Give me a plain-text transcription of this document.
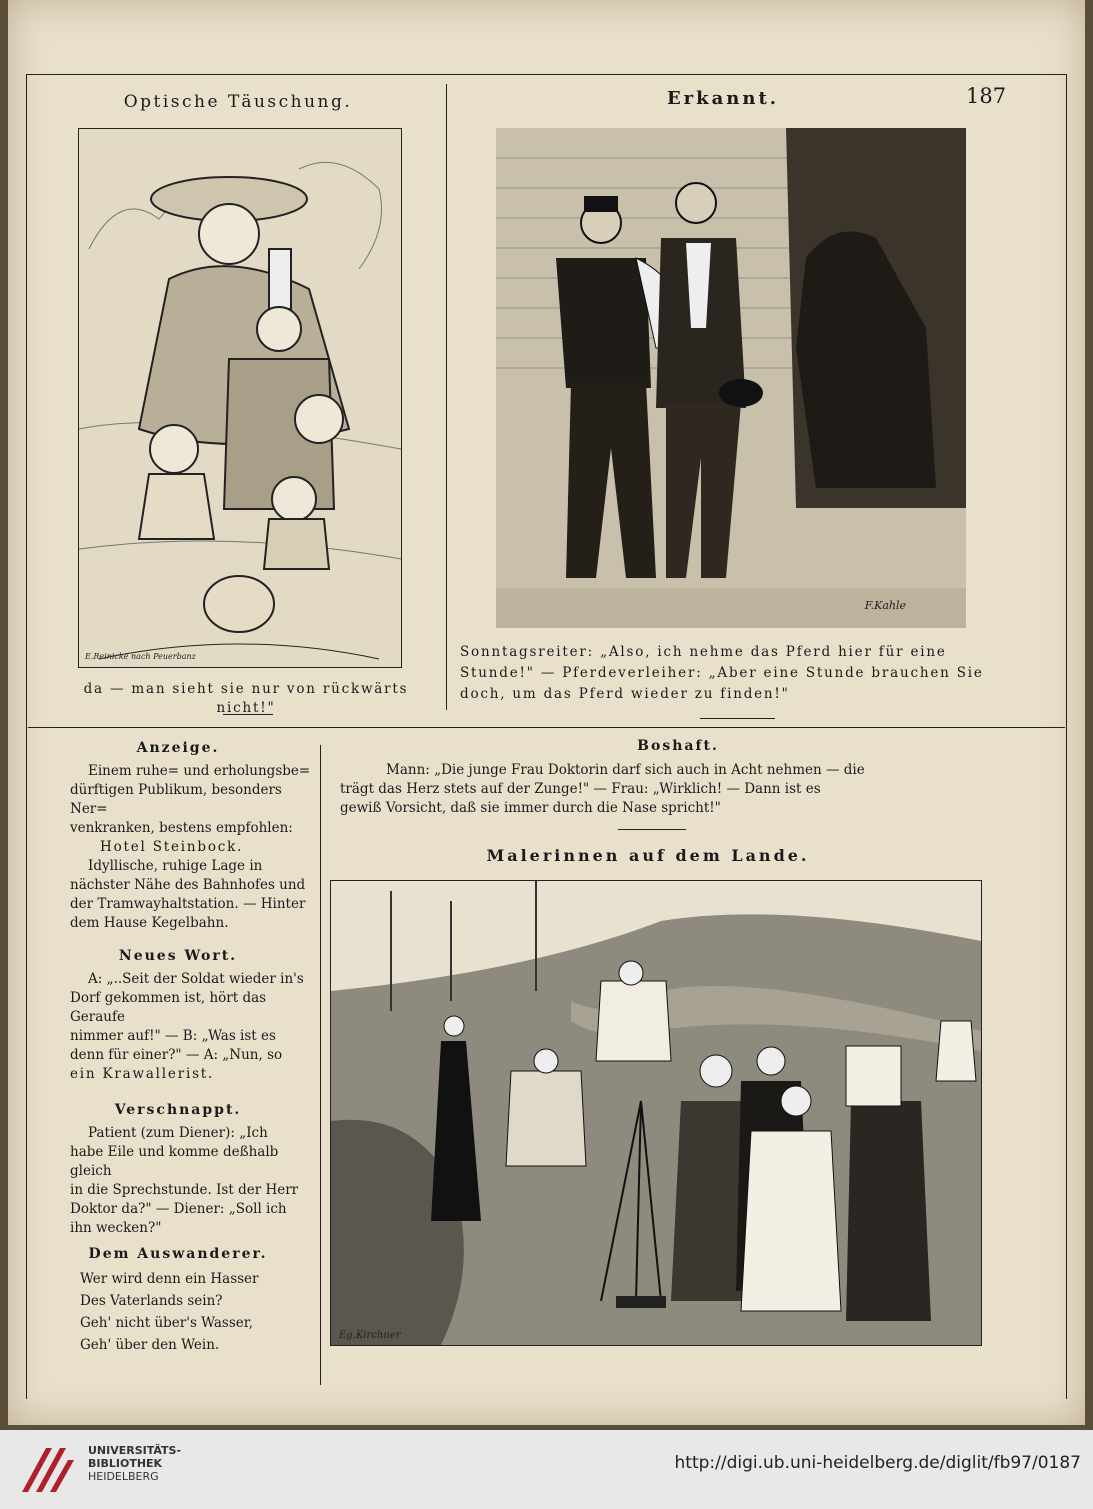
187
Optische Täuschung.
E.Reinicke nach Peuerbanz
da — man sieht sie nur von rückwärts nicht!"
Erkannt.
F.Kahle
Sonntagsreiter: „Also, ich nehme das Pferd hier für eine
Stunde!" — Pferdeverleiher: „Aber eine Stunde brauchen Sie
doch, um das Pferd wieder zu finden!"
Anzeige.
Einem ruhe= und erholungsbe=
dürftigen Publikum, besonders Ner=
venkranken, bestens empfohlen:
Hotel Steinbock.
Idyllische, ruhige Lage in
nächster Nähe des Bahnhofes und
der Tramwayhaltstation. — Hinter
dem Hause Kegelbahn.
Neues Wort.
A: „..Seit der Soldat wieder in's
Dorf gekommen ist, hört das Geraufe
nimmer auf!" — B: „Was ist es
denn für einer?" — A: „Nun, so
ein Krawallerist.
Verschnappt.
Patient (zum Diener): „Ich
habe Eile und komme deßhalb gleich
in die Sprechstunde. Ist der Herr
Doktor da?" — Diener: „Soll ich
ihn wecken?"
Dem Auswanderer.
Wer wird denn ein Hasser
Des Vaterlands sein?
Geh' nicht über's Wasser,
Geh' über den Wein.
Boshaft.
Mann: „Die junge Frau Doktorin darf sich auch in Acht nehmen — die
trägt das Herz stets auf der Zunge!" — Frau: „Wirklich! — Dann ist es
gewiß Vorsicht, daß sie immer durch die Nase spricht!"
Malerinnen auf dem Lande.
Eg.Kirchner
UNIVERSITÄTS-
BIBLIOTHEK
HEIDELBERG
http://digi.ub.uni-heidelberg.de/diglit/fb97/0187
